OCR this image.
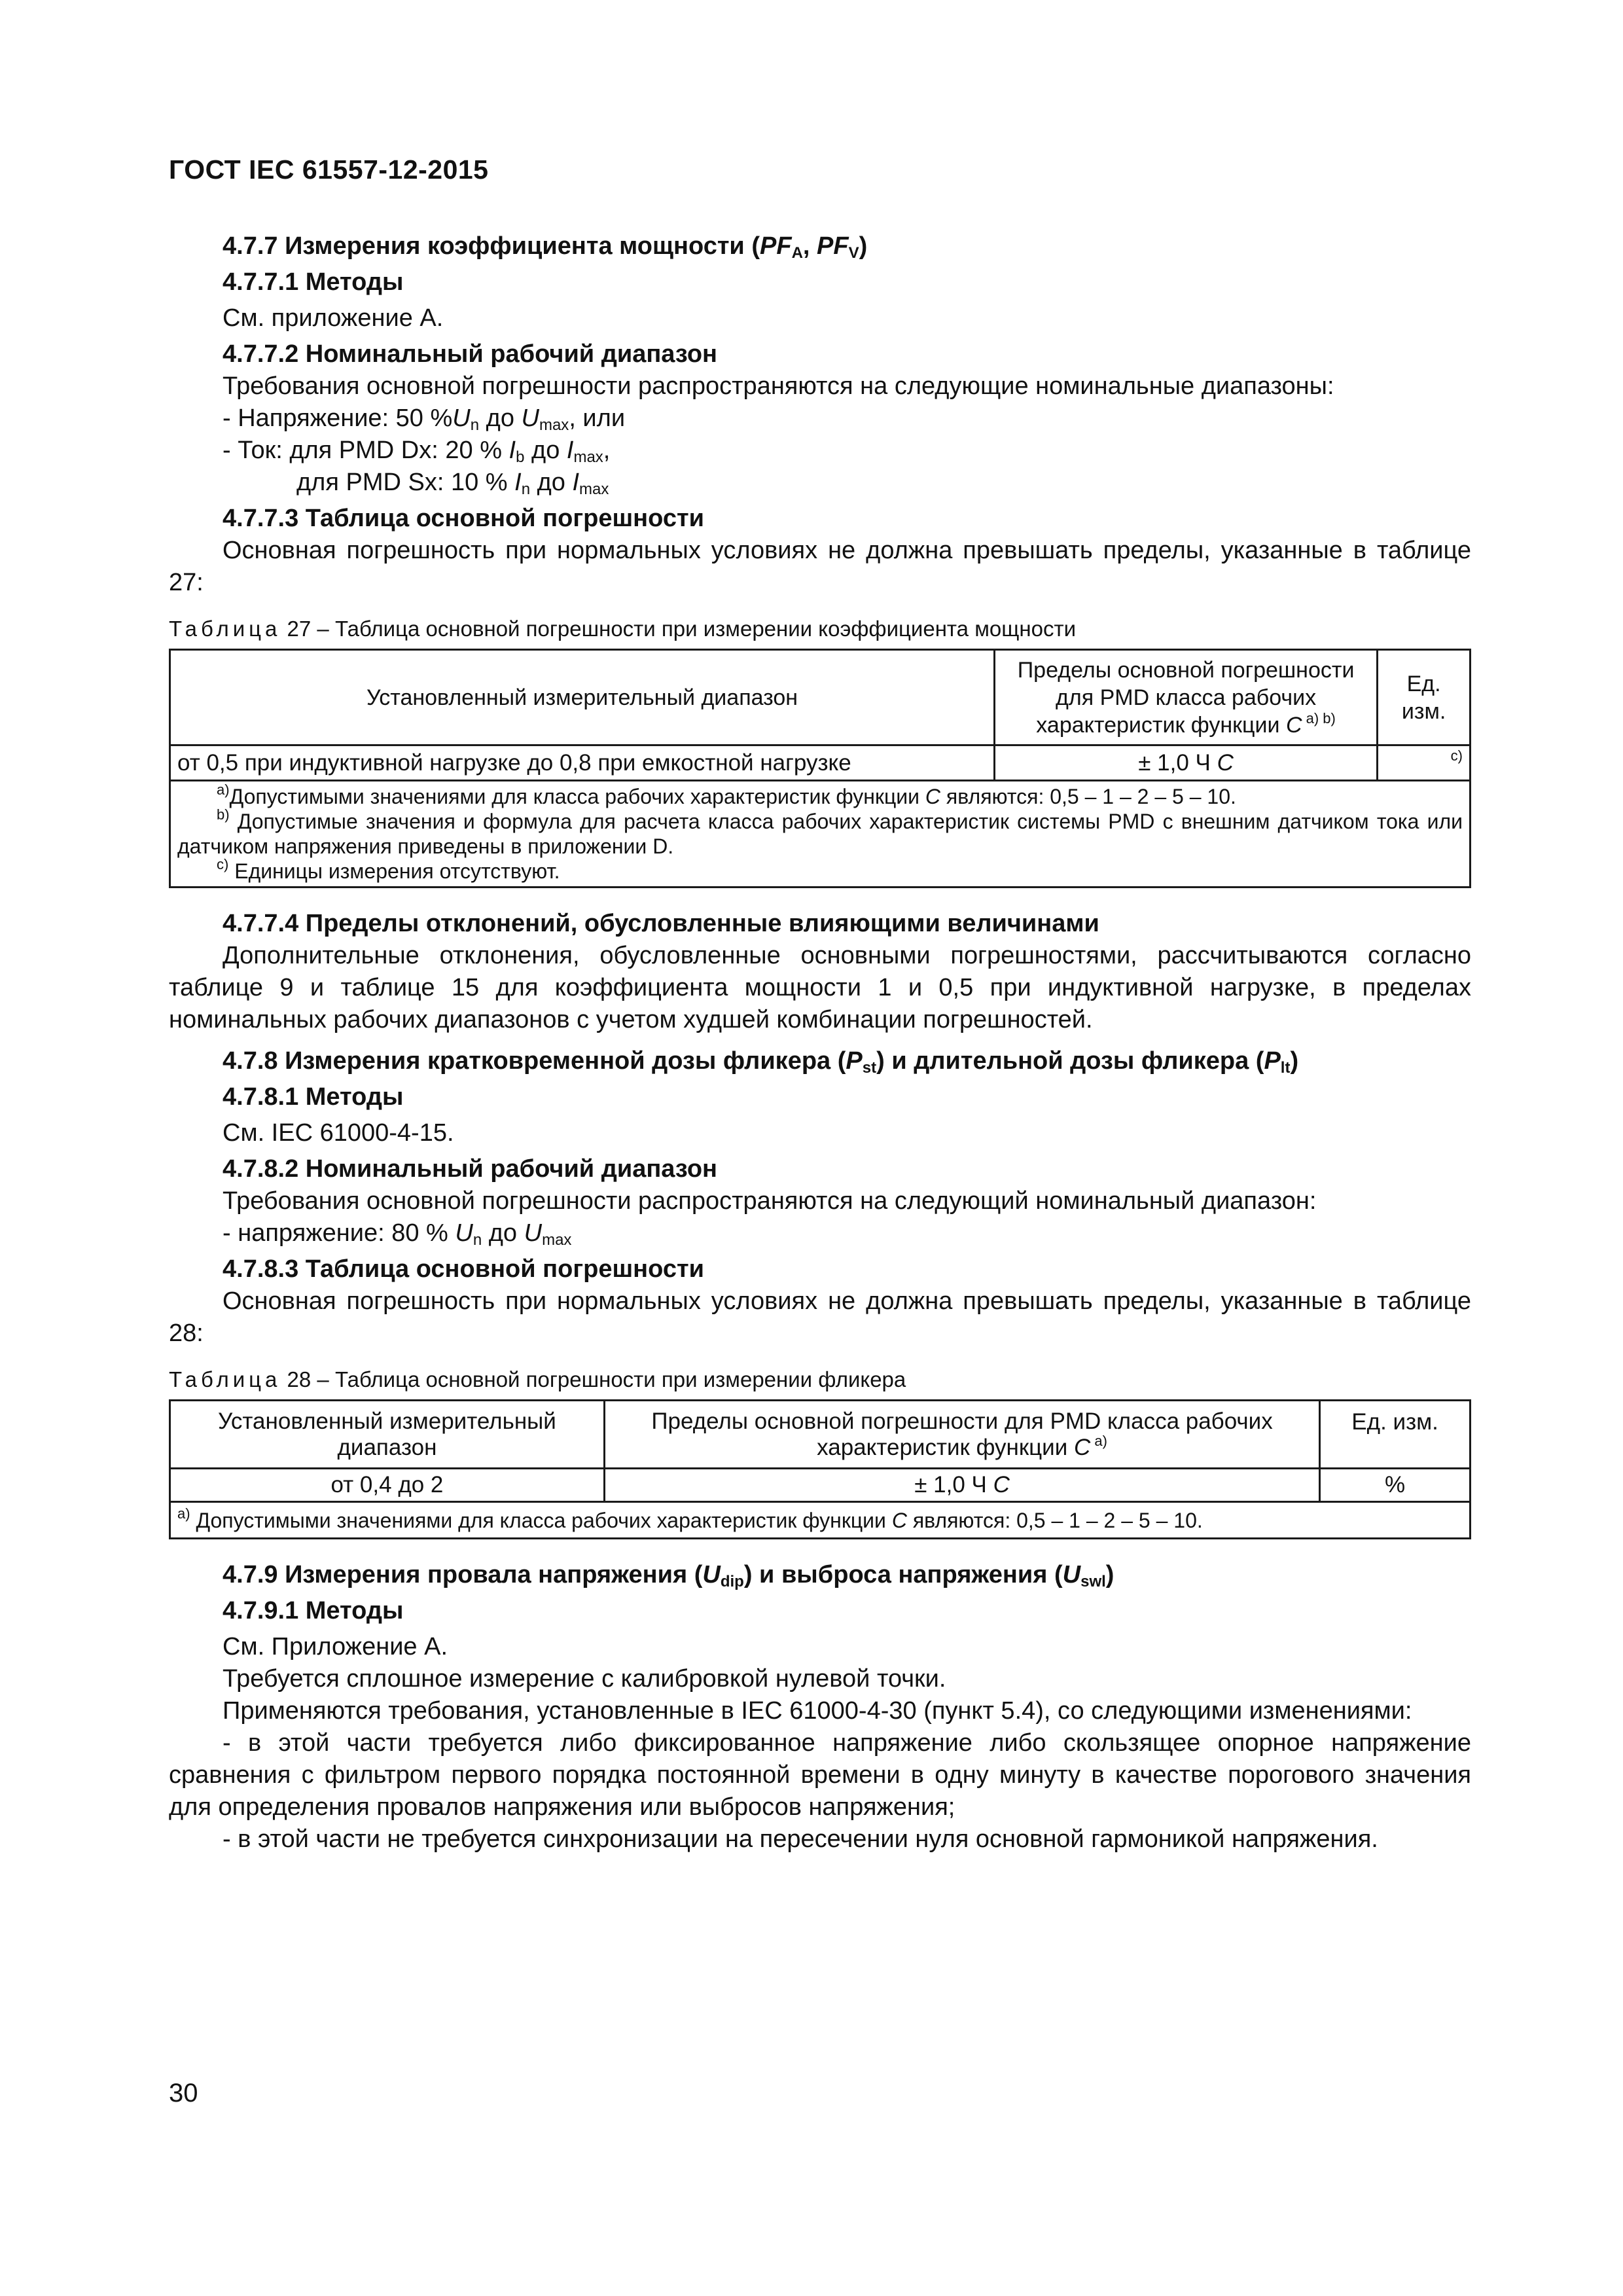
ГОСТ IEC 61557-12-2015

4.7.7 Измерения коэффициента мощности ($PF_A$, $PF_V$)

4.7.7.1 Методы

См. приложение А.

4.7.7.2 Номинальный рабочий диапазон

Требования основной погрешности распространяются на следующие номинальные диапазоны:

- Напряжение: 50 $\%U_n$ до $U_{max}$, или

- Ток: для PMD Dx: 20 % $I_b$ до $I_{max}$,

для PMD Sx: 10 % $I_n$ до $I_{max}$

4.7.7.3 Таблица основной погрешности

Основная погрешность при нормальных условиях не должна превышать пределы, указанные в таблице 27:

Таблица 27 – Таблица основной погрешности при измерении коэффициента мощности
Установленный измерительный диапазон	Пределы основной погрешности для PMD класса рабочих характеристик функции C $^{a) b)}$	Ед. изм.
от 0,5 при индуктивной нагрузке до 0,8 при емкостной нагрузке	± 1,0 Ч C	$^{c)}$

$^{a)}$Допустимыми значениями для класса рабочих характеристик функции C являются: 0,5 – 1 – 2 – 5 – 10.
$^{b)}$ Допустимые значения и формула для расчета класса рабочих характеристик системы PMD с внешним датчиком тока или датчиком напряжения приведены в приложении D.
$^{c)}$ Единицы измерения отсутствуют.		

4.7.7.4 Пределы отклонений, обусловленные влияющими величинами

Дополнительные отклонения, обусловленные основными погрешностями, рассчитываются согласно таблице 9 и таблице 15 для коэффициента мощности 1 и 0,5 при индуктивной нагрузке, в пределах номинальных рабочих диапазонов с учетом худшей комбинации погрешностей.

4.7.8 Измерения кратковременной дозы фликера $(P_{st})$ и длительной дозы фликера $(P_{lt})$

4.7.8.1 Методы

См. IEC 61000-4-15.

4.7.8.2 Номинальный рабочий диапазон

Требования основной погрешности распространяются на следующий номинальный диапазон:

- напряжение: 80 % $U_n$ до $U_{max}$

4.7.8.3 Таблица основной погрешности

Основная погрешность при нормальных условиях не должна превышать пределы, указанные в таблице 28:

Таблица 28 – Таблица основной погрешности при измерении фликера
Установленный измерительный диапазон	Пределы основной погрешности для PMD класса рабочих характеристик функции C $^{a)}$	Ед. изм.
от 0,4 до 2	± 1,0 Ч C	%
$^{a)}$ Допустимыми значениями для класса рабочих характеристик функции C являются: 0,5 – 1 – 2 – 5 – 10.		

4.7.9 Измерения провала напряжения $(U_{dip})$ и выброса напряжения $(U_{swl})$

4.7.9.1 Методы

См. Приложение А.

Требуется сплошное измерение с калибровкой нулевой точки.

Применяются требования, установленные в IEC 61000-4-30 (пункт 5.4), со следующими изменениями:

- в этой части требуется либо фиксированное напряжение либо скользящее опорное напряжение сравнения с фильтром первого порядка постоянной времени в одну минуту в качестве порогового значения для определения провалов напряжения или выбросов напряжения;

- в этой части не требуется синхронизации на пересечении нуля основной гармоникой напряжения.

30
